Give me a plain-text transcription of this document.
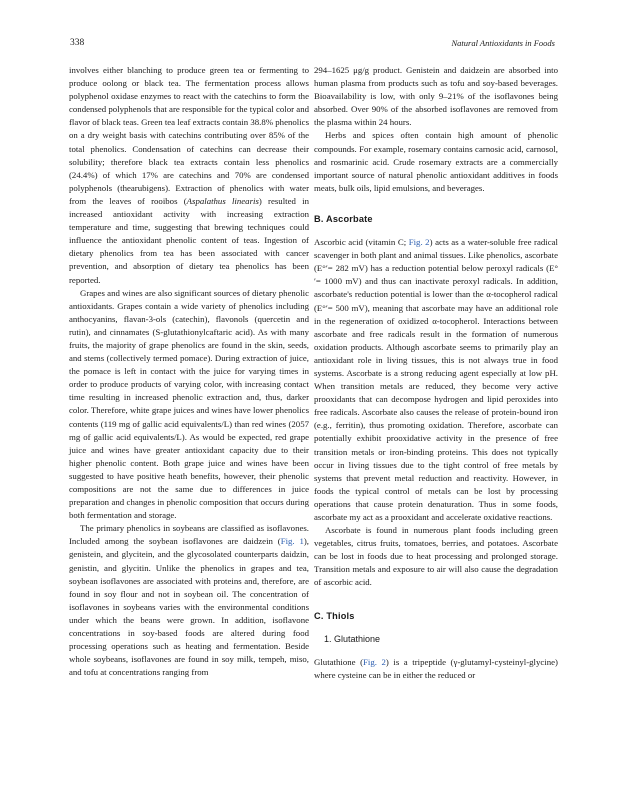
338	Natural Antioxidants in Foods

involves either blanching to produce green tea or fermenting to produce oolong or black tea. The fermentation process allows polyphenol oxidase enzymes to react with the catechins to form the condensed polyphenols that are responsible for the typical color and flavor of black teas. Green tea leaf extracts contain 38.8% phenolics on a dry weight basis with catechins contributing over 85% of the total phenolics. Condensation of catechins can decrease their solubility; therefore black tea extracts contain less phenolics (24.4%) of which 17% are catechins and 70% are condensed polyphenols (thearubigens). Extraction of phenolics with water from the leaves of rooibos (Aspalathus linearis) resulted in increased antioxidant activity with increasing extraction temperature and time, suggesting that brewing techniques could influence the antioxidant phenolic content of teas. Ingestion of dietary phenolics from tea has been associated with cancer prevention, and absorption of dietary tea phenolics has been reported.

Grapes and wines are also significant sources of dietary phenolic antioxidants. Grapes contain a wide variety of phenolics including anthocyanins, flavan-3-ols (catechin), flavonols (quercetin and rutin), and cinnamates (S-glutathionylcaftaric acid). As with many fruits, the majority of grape phenolics are found in the skin, seeds, and stems (collectively termed pomace). During extraction of juice, the pomace is left in contact with the juice for varying times in order to produce products of varying color, with increasing contact time resulting in increased phenolic extraction and, thus, darker color. Therefore, white grape juices and wines have lower phenolics contents (119 mg of gallic acid equivalents/L) than red wines (2057 mg of gallic acid equivalents/L). As would be expected, red grape juice and wines have greater antioxidant capacity due to their higher phenolic content. Both grape juice and wines have been suggested to have positive heath benefits, however, their phenolic compositions are not the same due to differences in juice preparation and changes in phenolic composition that occurs during both fermentation and storage.

The primary phenolics in soybeans are classified as isoflavones. Included among the soybean isoflavones are daidzein (Fig. 1), genistein, and glycitein, and the glycosolated counterparts daidzin, genistin, and glycitin. Unlike the phenolics in grapes and tea, soybean isoflavones are associated with proteins and, therefore, are found in soy flour and not in soybean oil. The concentration of isoflavones in soybeans varies with the environmental conditions under which the beans were grown. In addition, isoflavone concentrations in soy-based foods are altered during food processing operations such as heating and fermentation. Beside whole soybeans, isoflavones are found in soy milk, tempeh, miso, and tofu at concentrations ranging from

294–1625 μg/g product. Genistein and daidzein are absorbed into human plasma from products such as tofu and soy-based beverages. Bioavailability is low, with only 9–21% of the isoflavones being absorbed. Over 90% of the absorbed isoflavones are removed from the plasma within 24 hours.

Herbs and spices often contain high amount of phenolic compounds. For example, rosemary contains carnosic acid, carnosol, and rosmarinic acid. Crude rosemary extracts are a commercially important source of natural phenolic antioxidant additives in foods meats, bulk oils, lipid emulsions, and beverages.

B. Ascorbate

Ascorbic acid (vitamin C; Fig. 2) acts as a water-soluble free radical scavenger in both plant and animal tissues. Like phenolics, ascorbate (E°′= 282 mV) has a reduction potential below peroxyl radicals (E°′= 1000 mV) and thus can inactivate peroxyl radicals. In addition, ascorbate's reduction potential is lower than the α-tocopherol radical (E°′= 500 mV), meaning that ascorbate may have an additional role in the regeneration of oxidized α-tocopherol. Interactions between ascorbate and free radicals result in the formation of numerous oxidation products. Although ascorbate seems to primarily play an antioxidant role in living tissues, this is not always true in food systems. Ascorbate is a strong reducing agent especially at low pH. When transition metals are reduced, they become very active prooxidants that can decompose hydrogen and lipid peroxides into free radicals. Ascorbate also causes the release of protein-bound iron (e.g., ferritin), thus promoting oxidation. Therefore, ascorbate can potentially exhibit prooxidative activity in the presence of free transition metals or iron-binding proteins. This does not typically occur in living tissues due to the tight control of free metals by systems that prevent metal reduction and reactivity. However, in foods the typical control of metals can be lost by processing operations that cause protein denaturation. Thus in some foods, ascorbate my act as a prooxidant and accelerate oxidative reactions.

Ascorbate is found in numerous plant foods including green vegetables, citrus fruits, tomatoes, berries, and potatoes. Ascorbate can be lost in foods due to heat processing and prolonged storage. Transition metals and exposure to air will also cause the degradation of ascorbic acid.

C. Thiols
1. Glutathione

Glutathione (Fig. 2) is a tripeptide (γ-glutamyl-cysteinyl-glycine) where cysteine can be in either the reduced or
